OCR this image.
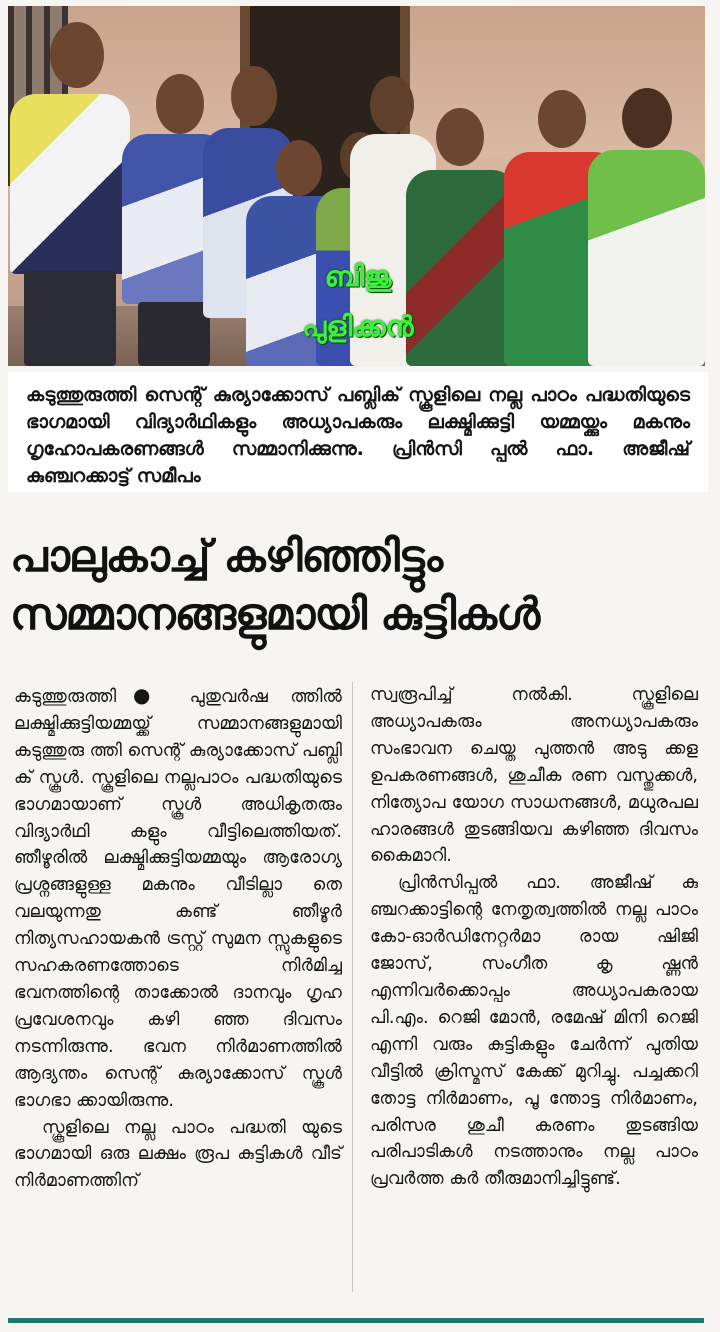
ബിജു
പുളിക്കൻ
കടുത്തുരുത്തി സെന്റ് കുര്യാക്കോസ് പബ്ലിക് സ്കൂളിലെ നല്ല പാഠം പദ്ധതിയുടെ ഭാഗമായി വിദ്യാർഥികളും അധ്യാപകരും ലക്ഷ്മിക്കുട്ടി യമ്മയ്ക്കും മകനും ഗൃഹോപകരണങ്ങൾ സമ്മാനിക്കുന്നു. പ്രിൻസി പ്പൽ ഫാ. അജീഷ് കുഞ്ചറക്കാട്ട് സമീപം
പാലുകാച്ച് കഴിഞ്ഞിട്ടും
സമ്മാനങ്ങളുമായി കുട്ടികൾ

കടുത്തുരുത്തി● പുതുവർഷ ത്തിൽ ലക്ഷ്മിക്കുട്ടിയമ്മയ്ക്ക് സമ്മാനങ്ങളുമായി കടുത്തുരു ത്തി സെന്റ് കുര്യാക്കോസ് പബ്ലി ക് സ്കൂൾ. സ്കൂളിലെ നല്ലപാഠം പദ്ധതിയുടെ ഭാഗമായാണ് സ്കൂൾ അധികൃതരും വിദ്യാർഥി കളും വീട്ടിലെത്തിയത്. ഞീഴൂരിൽ ലക്ഷ്മിക്കുട്ടിയമ്മയും ആരോഗ്യ പ്രശ്നങ്ങളുള്ള മകനും വീടില്ലാ തെ വലയുന്നതു കണ്ട് ഞീഴൂർ നിത്യസഹായകൻ ട്രസ്റ്റ് സുമന സ്സുകളുടെ സഹകരണത്തോടെ നിർമിച്ച ഭവനത്തിന്റെ താക്കോൽ ദാനവും ഗൃഹ പ്രവേശനവും കഴി ഞ്ഞ ദിവസം നടന്നിരുന്നു. ഭവന നിർമാണത്തിൽ ആദ്യന്തം സെന്റ് കുര്യാക്കോസ് സ്കൂൾ ഭാഗഭാ ക്കായിരുന്നു.

സ്കൂളിലെ നല്ല പാഠം പദ്ധതി യുടെ ഭാഗമായി ഒരു ലക്ഷം രൂപ കുട്ടികൾ വീട് നിർമാണത്തിന്

സ്വരൂപിച്ച് നൽകി. സ്കൂളിലെ അധ്യാപകരും അനധ്യാപകരും സംഭാവന ചെയ്ത പുത്തൻ അടു ക്കള ഉപകരണങ്ങൾ, ശുചീക രണ വസ്തുക്കൾ, നിത്യോപ യോഗ സാധനങ്ങൾ, മധുരപല ഹാരങ്ങൾ തുടങ്ങിയവ കഴിഞ്ഞ ദിവസം കൈമാറി.

പ്രിൻസിപ്പൽ ഫാ. അജീഷ് കു ഞ്ചറക്കാട്ടിന്റെ നേതൃത്വത്തിൽ നല്ല പാഠം കോ-ഓർഡിനേറ്റർമാ രായ ഷിജി ജോസ്, സംഗീത കൃ ഷ്ണൻ എന്നിവർക്കൊപ്പം അധ്യാപകരായ പി.എം. റെജി മോൻ, രമേഷ് മിനി റെജി എന്നി വരും കുട്ടികളും ചേർന്ന് പുതിയ വീട്ടിൽ ക്രിസ്മസ് കേക്ക് മുറിച്ചു. പച്ചക്കറി തോട്ട നിർമാണം, പൂ ന്തോട്ട നിർമാണം, പരിസര ശുചീ കരണം തുടങ്ങിയ പരിപാടികൾ നടത്താനും നല്ല പാഠം പ്രവർത്ത കർ തീരുമാനിച്ചിട്ടുണ്ട്.
